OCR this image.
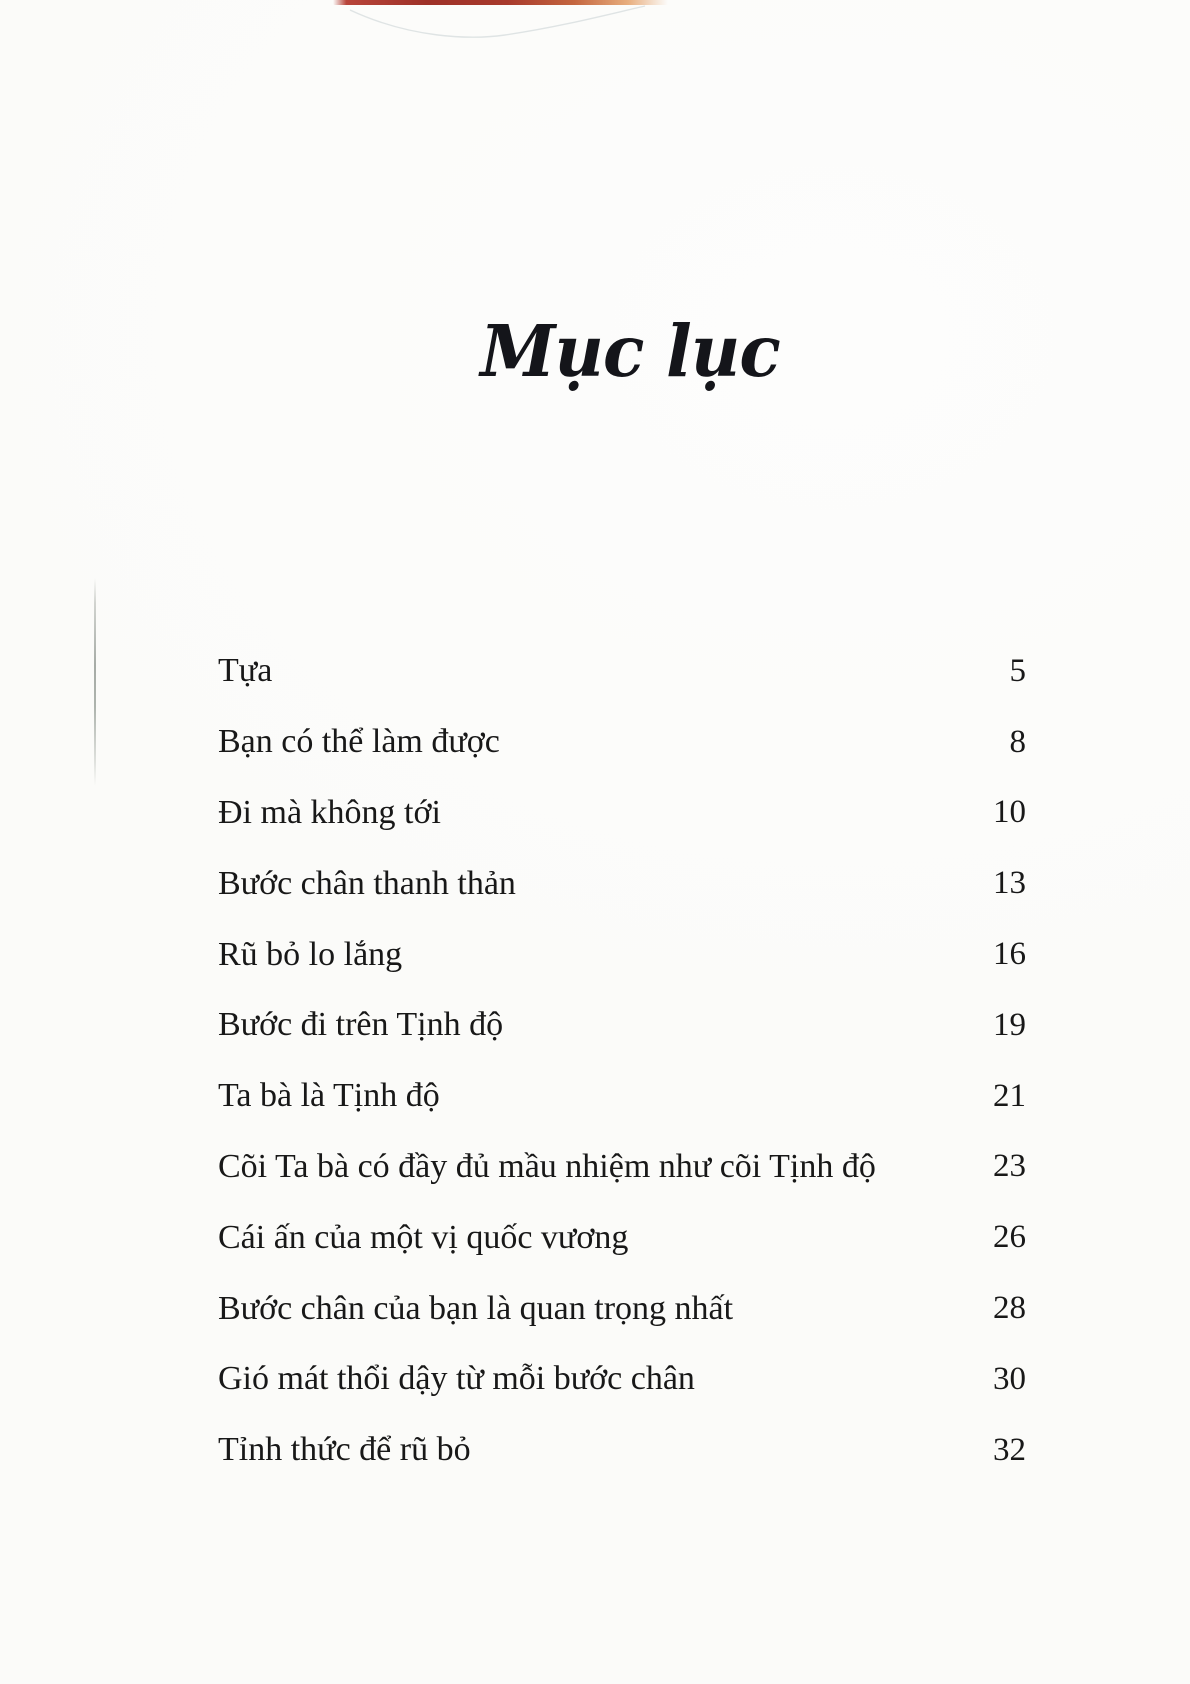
Mục lục
Tựa	5
Bạn có thể làm được	8
Đi mà không tới	10
Bước chân thanh thản	13
Rũ bỏ lo lắng	16
Bước đi trên Tịnh độ	19
Ta bà là Tịnh độ	21
Cõi Ta bà có đầy đủ mầu nhiệm như cõi Tịnh độ	23
Cái ấn của một vị quốc vương	26
Bước chân của bạn là quan trọng nhất	28
Gió mát thổi dậy từ mỗi bước chân	30
Tỉnh thức để rũ bỏ	32
